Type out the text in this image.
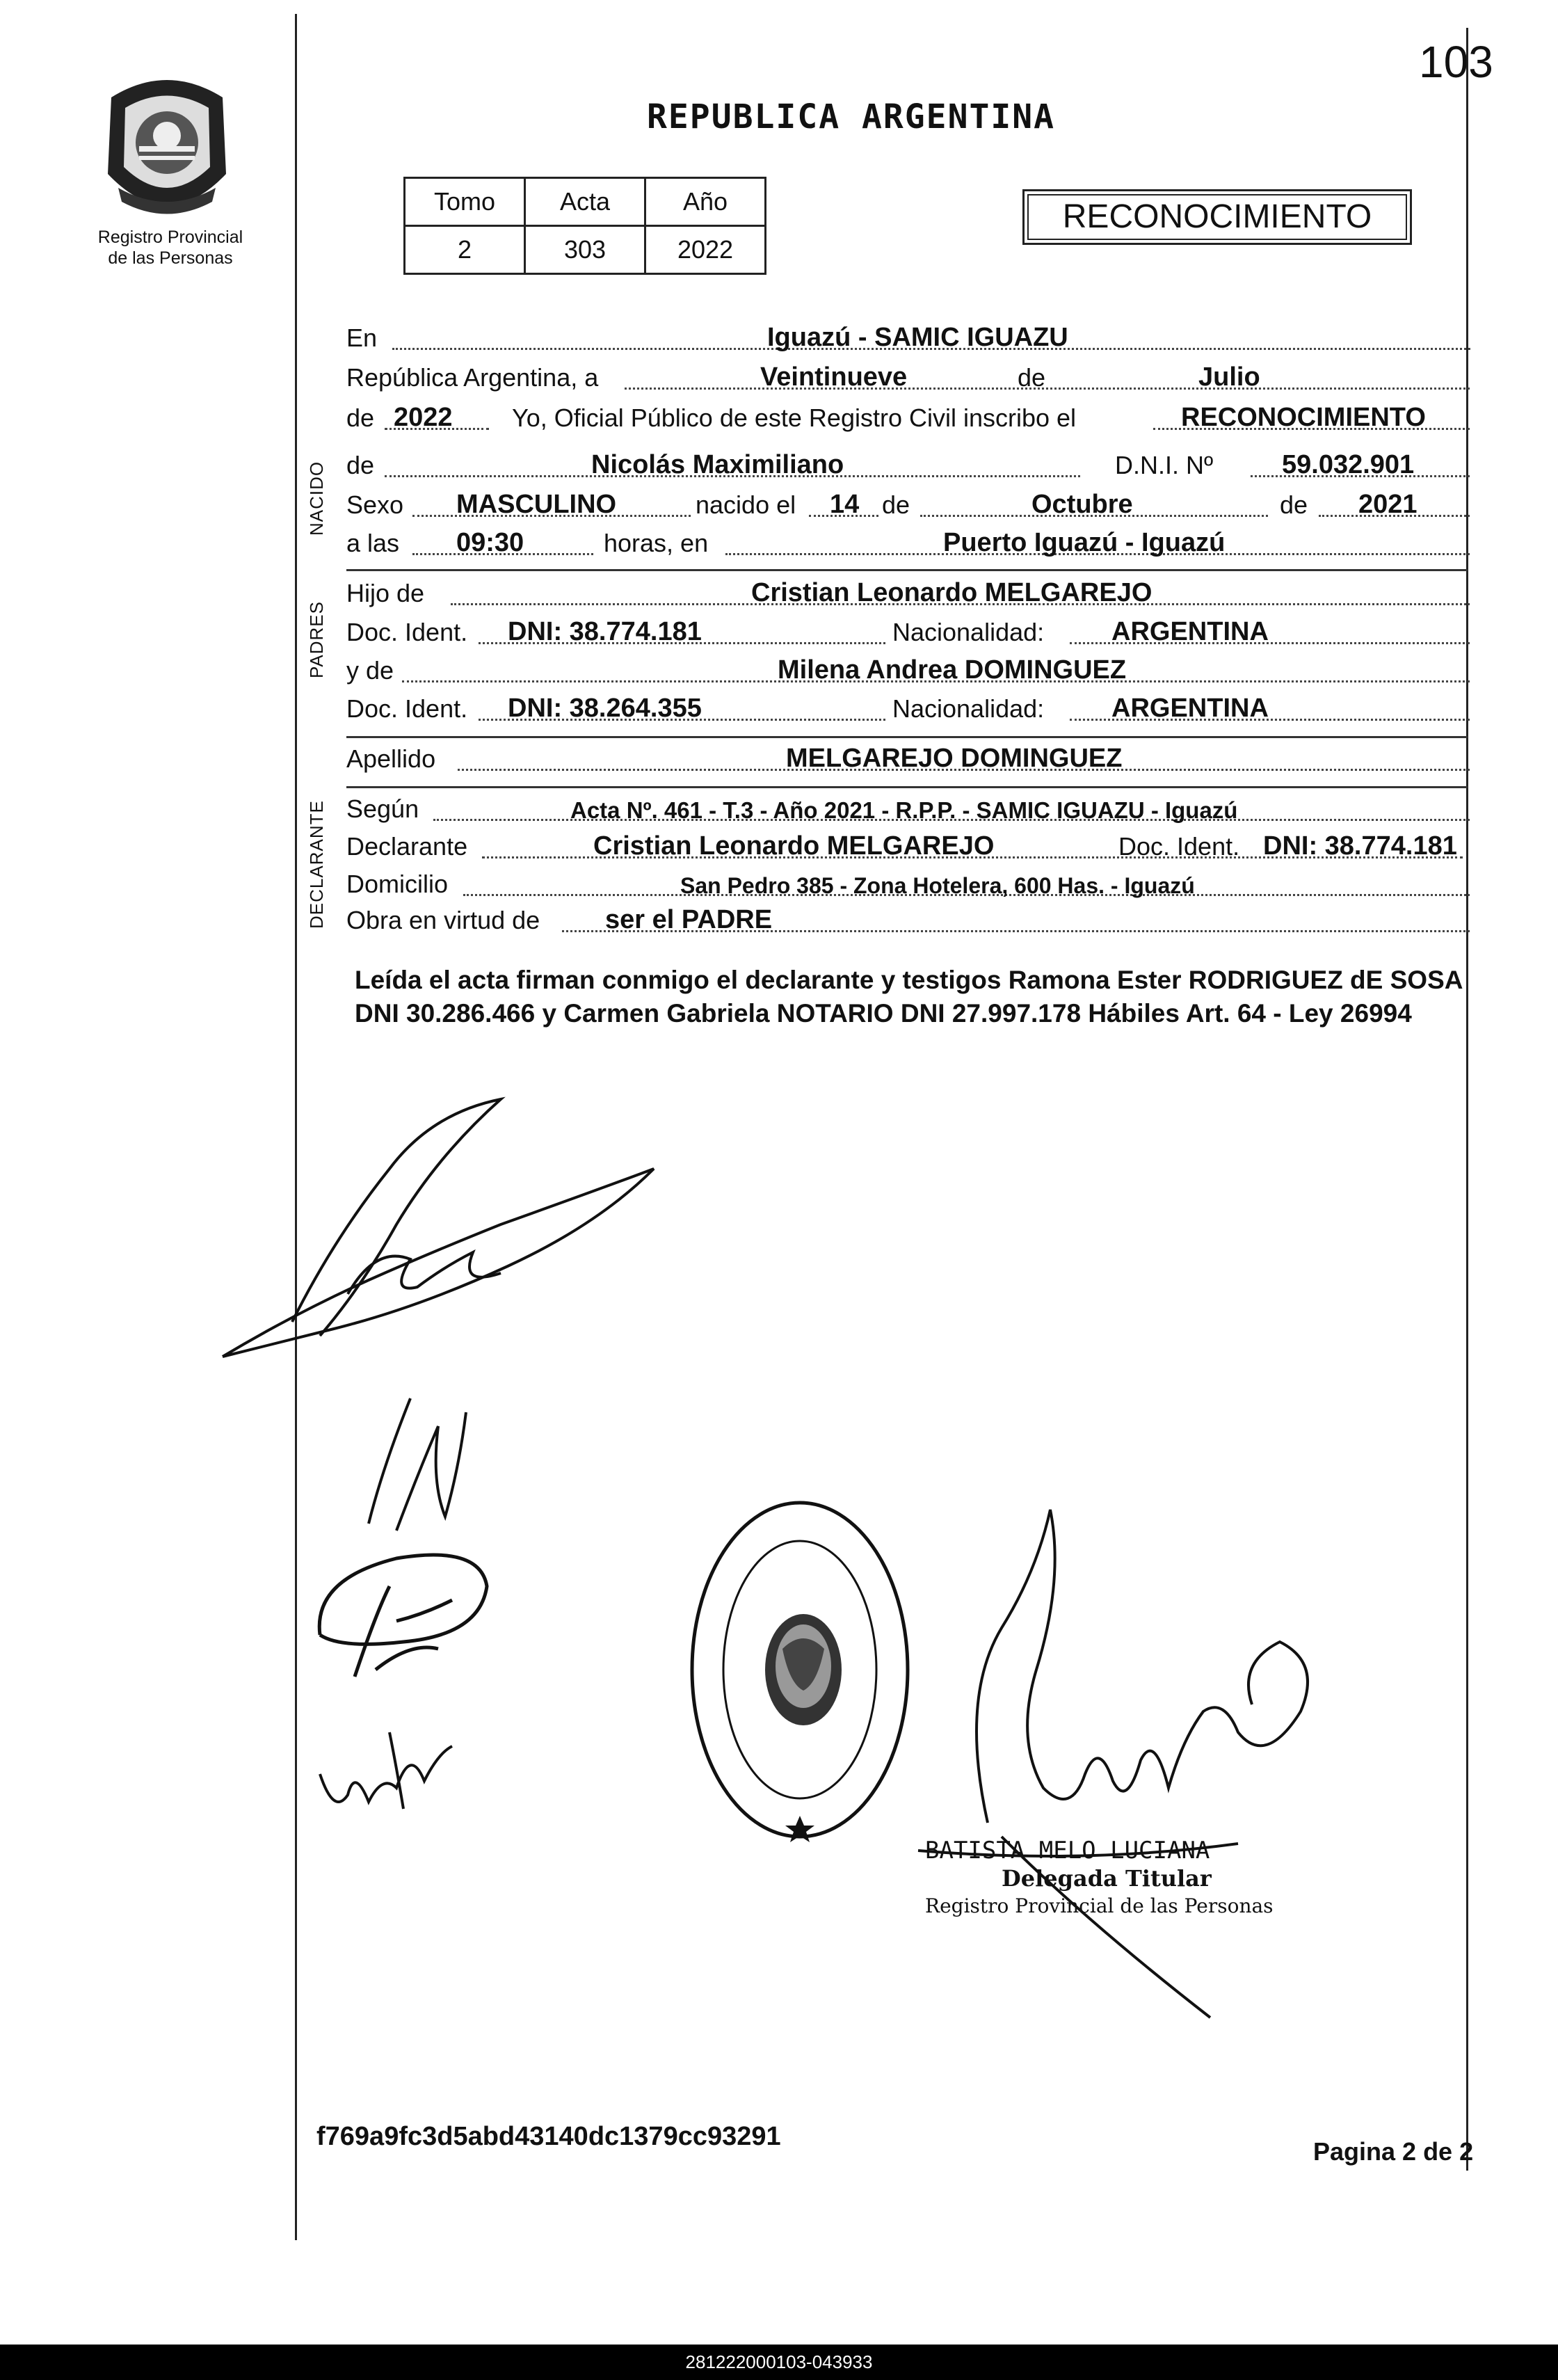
Registro Provincial
de las Personas
103
REPUBLICA ARGENTINA
Tomo	Acta	Año
2	303	2022
RECONOCIMIENTO
NACIDO
PADRES
DECLARANTE
En	Iguazú - SAMIC IGUAZU
República Argentina, a	Veintinueve	de	Julio
de 2022 Yo, Oficial Público de este Registro Civil inscribo el	RECONOCIMIENTO
de	Nicolás Maximiliano	D.N.I. Nº	59.032.901
Sexo MASCULINO	nacido el 14 de	Octubre	de 2021
a las 09:30	horas, en	Puerto Iguazú - Iguazú
Hijo de	Cristian Leonardo MELGAREJO
Doc. Ident. DNI: 38.774.181	Nacionalidad:	ARGENTINA
y de	Milena Andrea DOMINGUEZ
Doc. Ident. DNI: 38.264.355	Nacionalidad:	ARGENTINA
Apellido	MELGAREJO DOMINGUEZ
Según	Acta Nº. 461 - T.3 - Año 2021 - R.P.P. - SAMIC IGUAZU - Iguazú
Declarante	Cristian Leonardo MELGAREJO	Doc. Ident. DNI: 38.774.181
Domicilio	San Pedro 385 - Zona Hotelera, 600 Has. - Iguazú
Obra en virtud de ser el PADRE
Leída el acta firman conmigo el declarante y testigos Ramona Ester RODRIGUEZ dE SOSA DNI 30.286.466 y Carmen Gabriela NOTARIO DNI 27.997.178 Hábiles Art. 64 - Ley 26994
BATISTA MELO LUCIANA
Delegada Titular
Registro Provincial de las Personas
f769a9fc3d5abd43140dc1379cc93291
Pagina 2 de 2
281222000103-043933
